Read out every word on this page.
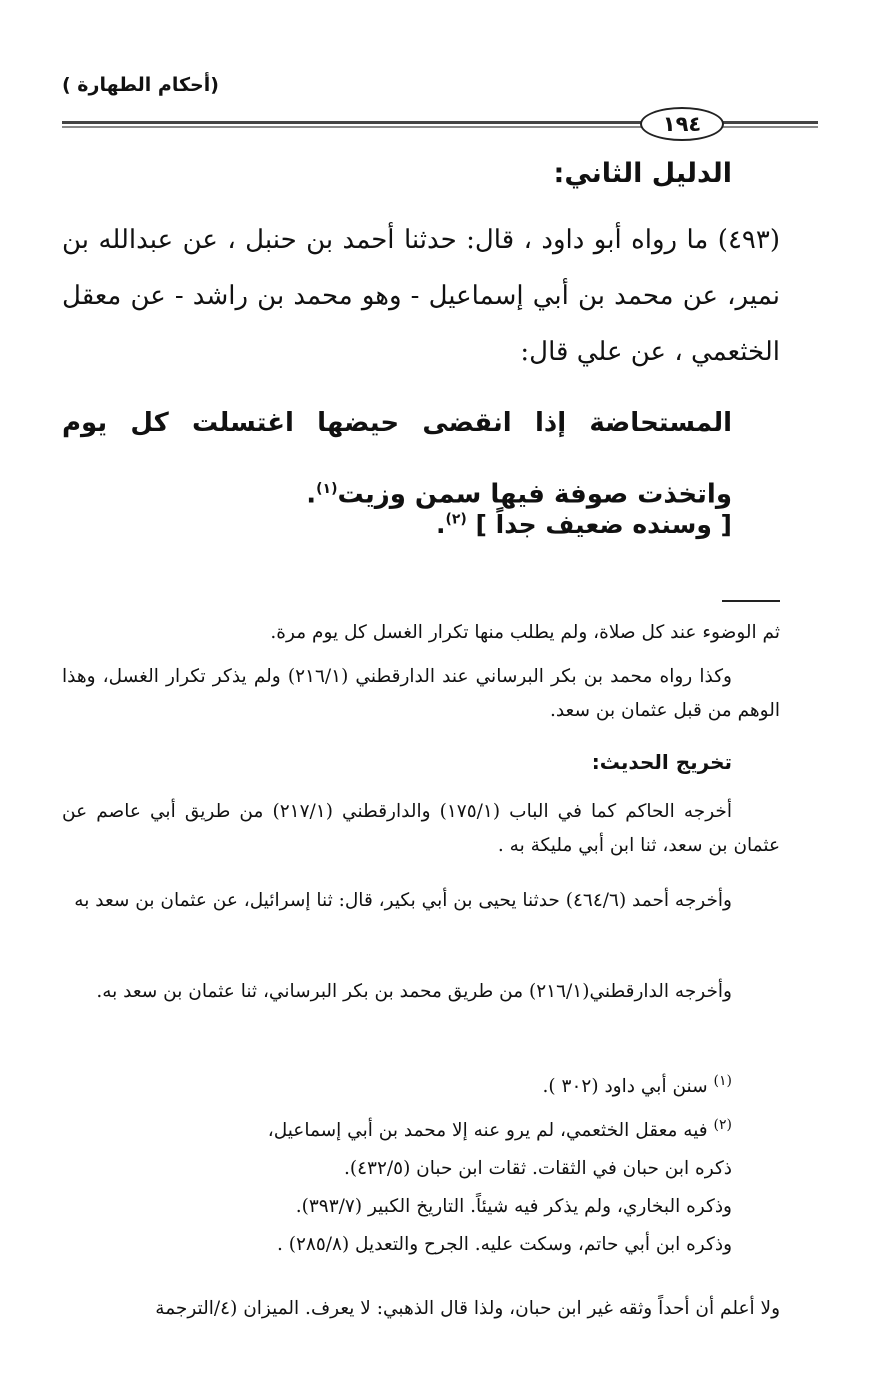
(أحكام الطهارة )
١٩٤
الدليل الثاني:
(٤٩٣) ما رواه أبو داود ، قال: حدثنا أحمد بن حنبل ، عن عبدالله بن نمير، عن محمد بن أبي إسماعيل - وهو محمد بن راشد - عن معقل الخثعمي ، عن علي قال:
المستحاضة إذا انقضى حيضها اغتسلت كل يوم واتخذت صوفة فيها سمن وزيت$^{(١)}$.
[ وسنده ضعيف جداً ] $^{(٢)}$.
ثم الوضوء عند كل صلاة، ولم يطلب منها تكرار الغسل كل يوم مرة.
وكذا رواه محمد بن بكر البرساني عند الدارقطني (٢١٦/١) ولم يذكر تكرار الغسل، وهذا الوهم من قبل عثمان بن سعد.
تخريج الحديث:
أخرجه الحاكم كما في الباب (١٧٥/١) والدارقطني (٢١٧/١) من طريق أبي عاصم عن عثمان بن سعد، ثنا ابن أبي مليكة به .
وأخرجه أحمد (٤٦٤/٦) حدثنا يحيى بن أبي بكير، قال: ثنا إسرائيل، عن عثمان بن سعد به
وأخرجه الدارقطني(٢١٦/١) من طريق محمد بن بكر البرساني، ثنا عثمان بن سعد به.
$^{(١)}$ سنن أبي داود (٣٠٢ ).
$^{(٢)}$ فيه معقل الخثعمي، لم يرو عنه إلا محمد بن أبي إسماعيل،
ذكره ابن حبان في الثقات. ثقات ابن حبان (٤٣٢/٥).
وذكره البخاري، ولم يذكر فيه شيئاً. التاريخ الكبير (٣٩٣/٧).
وذكره ابن أبي حاتم، وسكت عليه. الجرح والتعديل (٢٨٥/٨) .
ولا أعلم أن أحداً وثقه غير ابن حبان، ولذا قال الذهبي: لا يعرف. الميزان (٤/الترجمة
